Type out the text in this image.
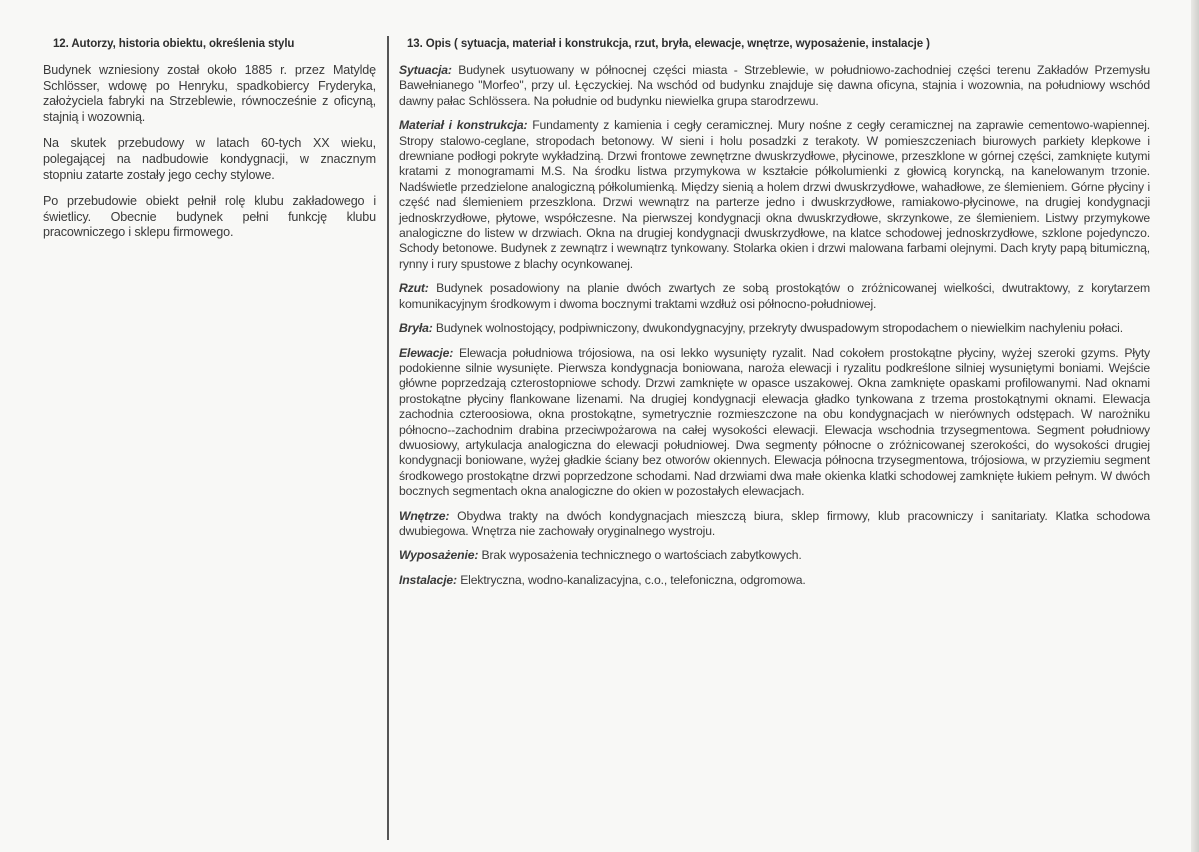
12. Autorzy, historia obiektu, określenia stylu

Budynek wzniesiony został około 1885 r. przez Matyldę Schlösser, wdowę po Henryku, spadkobiercy Fryderyka, założyciela fabryki na Strzeblewie, równocześnie z oficyną, stajnią i wozownią.

Na skutek przebudowy w latach 60-tych XX wieku, polegającej na nadbudowie kondygnacji, w znacznym stopniu zatarte zostały jego cechy stylowe.

Po przebudowie obiekt pełnił rolę klubu zakładowego i świetlicy. Obecnie budynek pełni funkcję klubu pracowniczego i sklepu firmowego.

13. Opis ( sytuacja, materiał i konstrukcja, rzut, bryła, elewacje, wnętrze, wyposażenie, instalacje )

Sytuacja: Budynek usytuowany w północnej części miasta - Strzeblewie, w południowo-zachodniej części terenu Zakładów Przemysłu Bawełnianego "Morfeo", przy ul. Łęczyckiej. Na wschód od budynku znajduje się dawna oficyna, stajnia i wozownia, na południowy wschód dawny pałac Schlössera. Na południe od budynku niewielka grupa starodrzewu.

Materiał i konstrukcja: Fundamenty z kamienia i cegły ceramicznej. Mury nośne z cegły ceramicznej na zaprawie cementowo-wapiennej. Stropy stalowo-ceglane, stropodach betonowy. W sieni i holu posadzki z terakoty. W pomieszczeniach biurowych parkiety klepkowe i drewniane podłogi pokryte wykładziną. Drzwi frontowe zewnętrzne dwuskrzydłowe, płycinowe, przeszklone w górnej części, zamknięte kutymi kratami z monogramami M.S. Na środku listwa przymykowa w kształcie półkolumienki z głowicą koryncką, na kanelowanym trzonie. Nadświetle przedzielone analogiczną półkolumienką. Między sienią a holem drzwi dwuskrzydłowe, wahadłowe, ze ślemieniem. Górne płyciny i część nad ślemieniem przeszklona. Drzwi wewnątrz na parterze jedno i dwuskrzydłowe, ramiakowo-płycinowe, na drugiej kondygnacji jednoskrzydłowe, płytowe, współczesne. Na pierwszej kondygnacji okna dwuskrzydłowe, skrzynkowe, ze ślemieniem. Listwy przymykowe analogiczne do listew w drzwiach. Okna na drugiej kondygnacji dwuskrzydłowe, na klatce schodowej jednoskrzydłowe, szklone pojedynczo. Schody betonowe. Budynek z zewnątrz i wewnątrz tynkowany. Stolarka okien i drzwi malowana farbami olejnymi. Dach kryty papą bitumiczną, rynny i rury spustowe z blachy ocynkowanej.

Rzut: Budynek posadowiony na planie dwóch zwartych ze sobą prostokątów o zróżnicowanej wielkości, dwutraktowy, z korytarzem komunikacyjnym środkowym i dwoma bocznymi traktami wzdłuż osi północno-południowej.

Bryła: Budynek wolnostojący, podpiwniczony, dwukondygnacyjny, przekryty dwuspadowym stropodachem o niewielkim nachyleniu połaci.

Elewacje: Elewacja południowa trójosiowa, na osi lekko wysunięty ryzalit. Nad cokołem prostokątne płyciny, wyżej szeroki gzyms. Płyty podokienne silnie wysunięte. Pierwsza kondygnacja boniowana, naroża elewacji i ryzalitu podkreślone silniej wysuniętymi boniami. Wejście główne poprzedzają czterostopniowe schody. Drzwi zamknięte w opasce uszakowej. Okna zamknięte opaskami profilowanymi. Nad oknami prostokątne płyciny flankowane lizenami. Na drugiej kondygnacji elewacja gładko tynkowana z trzema prostokątnymi oknami. Elewacja zachodnia czteroosiowa, okna prostokątne, symetrycznie rozmieszczone na obu kondygnacjach w nierównych odstępach. W narożniku północno--zachodnim drabina przeciwpożarowa na całej wysokości elewacji. Elewacja wschodnia trzysegmentowa. Segment południowy dwuosiowy, artykulacja analogiczna do elewacji południowej. Dwa segmenty północne o zróżnicowanej szerokości, do wysokości drugiej kondygnacji boniowane, wyżej gładkie ściany bez otworów okiennych. Elewacja północna trzysegmentowa, trójosiowa, w przyziemiu segment środkowego prostokątne drzwi poprzedzone schodami. Nad drzwiami dwa małe okienka klatki schodowej zamknięte łukiem pełnym. W dwóch bocznych segmentach okna analogiczne do okien w pozostałych elewacjach.

Wnętrze: Obydwa trakty na dwóch kondygnacjach mieszczą biura, sklep firmowy, klub pracowniczy i sanitariaty. Klatka schodowa dwubiegowa. Wnętrza nie zachowały oryginalnego wystroju.

Wyposażenie: Brak wyposażenia technicznego o wartościach zabytkowych.

Instalacje: Elektryczna, wodno-kanalizacyjna, c.o., telefoniczna, odgromowa.
